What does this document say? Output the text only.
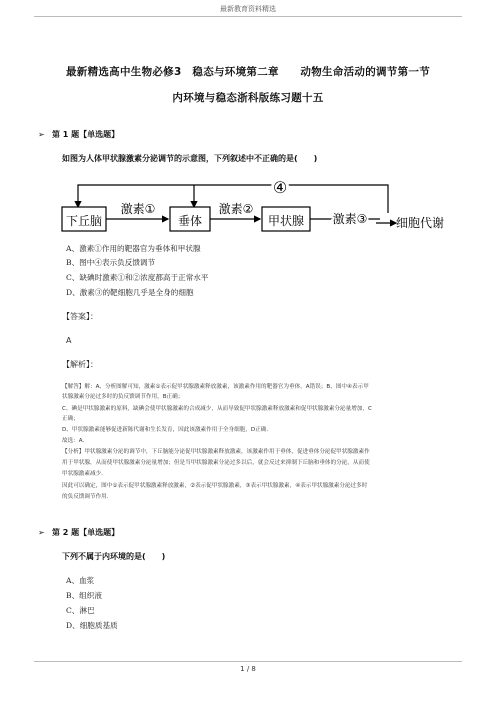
最新教育资料精选
最新精选高中生物必修3　稳态与环境第二章　　动物生命活动的调节第一节
内环境与稳态浙科版练习题十五
➢ 第 1 题【单选题】
如图为人体甲状腺激素分泌调节的示意图，下列叙述中不正确的是(　　)
④
下丘脑
激素①
垂体
激素②
甲状腺 激素③ 细胞代谢
A、激素①作用的靶器官为垂体和甲状腺
B、图中④表示负反馈调节
C、缺碘时激素①和②浓度都高于正常水平
D、激素③的靶细胞几乎是全身的细胞
【答案】：
A
【解析】：
【解答】解：A、分析图解可知，激素①表示促甲状腺激素释放激素，该激素作用的靶器官为垂体，A错误；B、图中④表示甲
状腺激素分泌过多时的负反馈调节作用，B正确；
C、碘是甲状腺激素的原料，缺碘会使甲状腺激素的合成减少，从而导致促甲状腺激素释放激素和促甲状腺激素分泌量增加，C
正确；
D、甲状腺激素能够促进新陈代谢和生长发育，因此该激素作用于全身细胞，D正确．
故选：A．
【分析】甲状腺激素分泌的调节中，下丘脑能分泌促甲状腺激素释放激素，该激素作用于垂体，促进垂体分泌促甲状腺激素作
用于甲状腺，从而使甲状腺激素分泌量增加；但是当甲状腺激素分泌过多以后，就会反过来抑制下丘脑和垂体的分泌，从而使
甲状腺激素减少．
因此可以确定，图中①表示促甲状腺激素释放激素，②表示促甲状腺激素，③表示甲状腺激素，④表示甲状腺激素分泌过多时
的负反馈调节作用．
➢ 第 2 题【单选题】
下列不属于内环境的是(　　)
A、血浆
B、组织液
C、淋巴
D、细胞质基质
1 / 8
